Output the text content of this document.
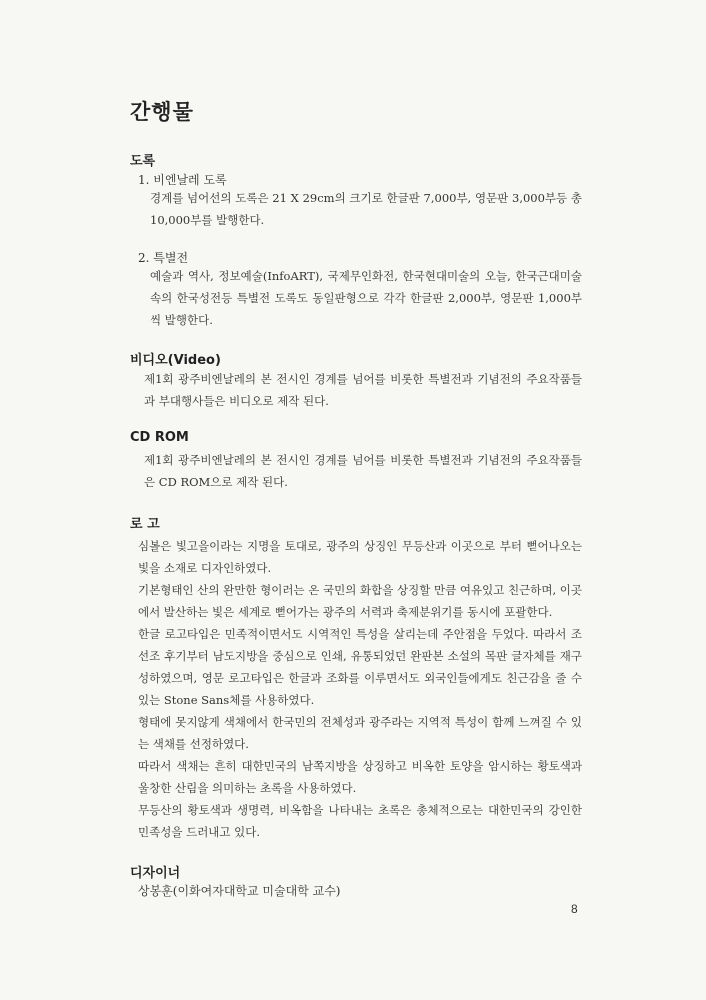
간행물
도록
1. 비엔날레 도록
경계를 넘어선의 도록은 21 X 29cm의 크기로 한글판 7,000부, 영문판 3,000부등 총 10,000부를 발행한다.
2. 특별전
예술과 역사, 정보예술(InfoART), 국제무인화전, 한국현대미술의 오늘, 한국근대미술속의 한국성전등 특별전 도록도 동일판형으로 각각 한글판 2,000부, 영문판 1,000부씩 발행한다.
비디오(Video)
제1회 광주비엔날레의 본 전시인 경계를 넘어를 비롯한 특별전과 기념전의 주요작품들과 부대행사들은 비디오로 제작 된다.
CD ROM
제1회 광주비엔날레의 본 전시인 경계를 넘어를 비롯한 특별전과 기념전의 주요작품들은 CD ROM으로 제작 된다.
로 고

심볼은 빛고을이라는 지명을 토대로, 광주의 상징인 무등산과 이곳으로 부터 뻗어나오는 빛을 소재로 디자인하였다.

기본형태인 산의 완만한 형이러는 온 국민의 화합을 상징할 만큼 여유있고 친근하며, 이곳에서 발산하는 빛은 세계로 뻗어가는 광주의 서력과 축제분위기를 동시에 포괄한다.

한글 로고타입은 민족적이면서도 시역적인 특성을 살리는데 주안점을 두었다. 따라서 조선조 후기부터 남도지방을 중심으로 인쇄, 유통되었던 완판본 소설의 목판 글자체를 재구성하였으며, 영문 로고타입은 한글과 조화를 이루면서도 외국인들에게도 친근감을 줄 수 있는 Stone Sans체를 사용하였다.

형태에 못지않게 색채에서 한국민의 전체성과 광주라는 지역적 특성이 함께 느껴질 수 있는 색채를 선정하였다.

따라서 색채는 흔히 대한민국의 남쪽지방을 상징하고 비옥한 토양을 암시하는 황토색과 울창한 산림을 의미하는 초록을 사용하였다.

무등산의 황토색과 생명력, 비옥함을 나타내는 초록은 총체적으로는 대한민국의 강인한 민족성을 드러내고 있다.

디자이너
상봉훈(이화여자대학교 미술대학 교수)
8
